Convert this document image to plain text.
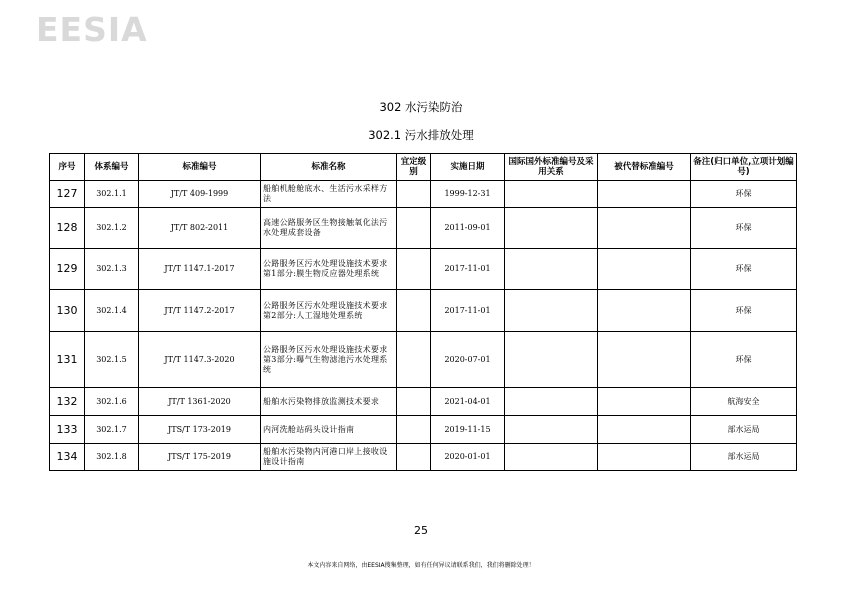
EESIA
302 水污染防治
302.1 污水排放处理
序号	体系编号	标准编号	标准名称	宜定级别	实施日期	国际国外标准编号及采用关系	被代替标准编号	备注(归口单位,立项计划编号)
127	302.1.1	JT/T 409-1999	船舶机舱舱底水、生活污水采样方法		1999-12-31			环保
128	302.1.2	JT/T 802-2011	高速公路服务区生物接触氧化法污水处理成套设备		2011-09-01			环保
129	302.1.3	JT/T 1147.1-2017	公路服务区污水处理设施技术要求 第1部分:膜生物反应器处理系统		2017-11-01			环保
130	302.1.4	JT/T 1147.2-2017	公路服务区污水处理设施技术要求 第2部分:人工湿地处理系统		2017-11-01			环保
131	302.1.5	JT/T 1147.3-2020	公路服务区污水处理设施技术要求 第3部分:曝气生物滤池污水处理系统		2020-07-01			环保
132	302.1.6	JT/T 1361-2020	船舶水污染物排放监测技术要求		2021-04-01			航海安全
133	302.1.7	JTS/T 173-2019	内河洗舱站码头设计指南		2019-11-15			部水运局
134	302.1.8	JTS/T 175-2019	船舶水污染物内河港口岸上接收设施设计指南		2020-01-01			部水运局
25
本文内容来自网络，由EESIA搜集整理，如有任何异议请联系我们，我们将删除处理！
